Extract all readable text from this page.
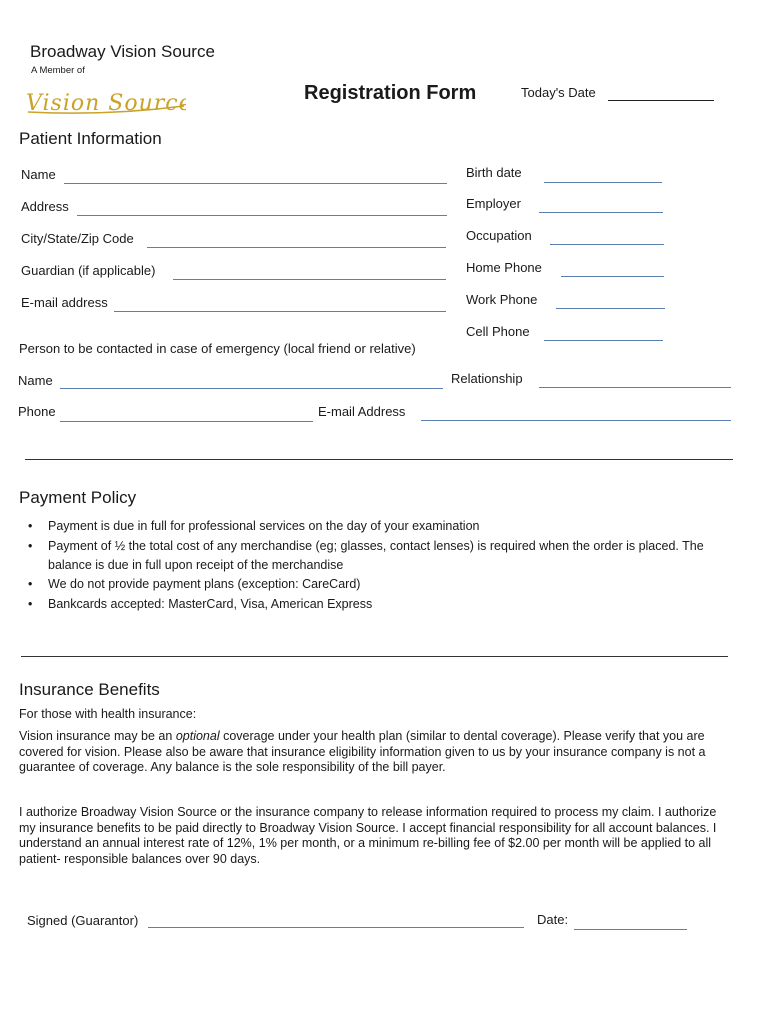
Broadway Vision Source
A Member of
Vision Source	Registration Form	Today's Date
Patient Information
Name
Address
City/State/Zip Code
Guardian (if applicable)
E-mail address
Birth date
Employer
Occupation
Home Phone
Work Phone
Cell Phone
Person to be contacted in case of emergency (local friend or relative)
Name	Relationship
Phone	E-mail Address
Payment Policy
• Payment is due in full for professional services on the day of your examination
• Payment of ½ the total cost of any merchandise (eg; glasses, contact lenses) is required when the order is placed. The balance is due in full upon receipt of the merchandise
• We do not provide payment plans (exception: CareCard)
• Bankcards accepted: MasterCard, Visa, American Express
Insurance Benefits
For those with health insurance:
Vision insurance may be an optional coverage under your health plan (similar to dental coverage). Please verify that you are covered for vision. Please also be aware that insurance eligibility information given to us by your insurance company is not a guarantee of coverage. Any balance is the sole responsibility of the bill payer.
I authorize Broadway Vision Source or the insurance company to release information required to process my claim. I authorize my insurance benefits to be paid directly to Broadway Vision Source. I accept financial responsibility for all account balances. I understand an annual interest rate of 12%, 1% per month, or a minimum re-billing fee of $2.00 per month will be applied to all patient- responsible balances over 90 days.
Signed (Guarantor)	Date:
